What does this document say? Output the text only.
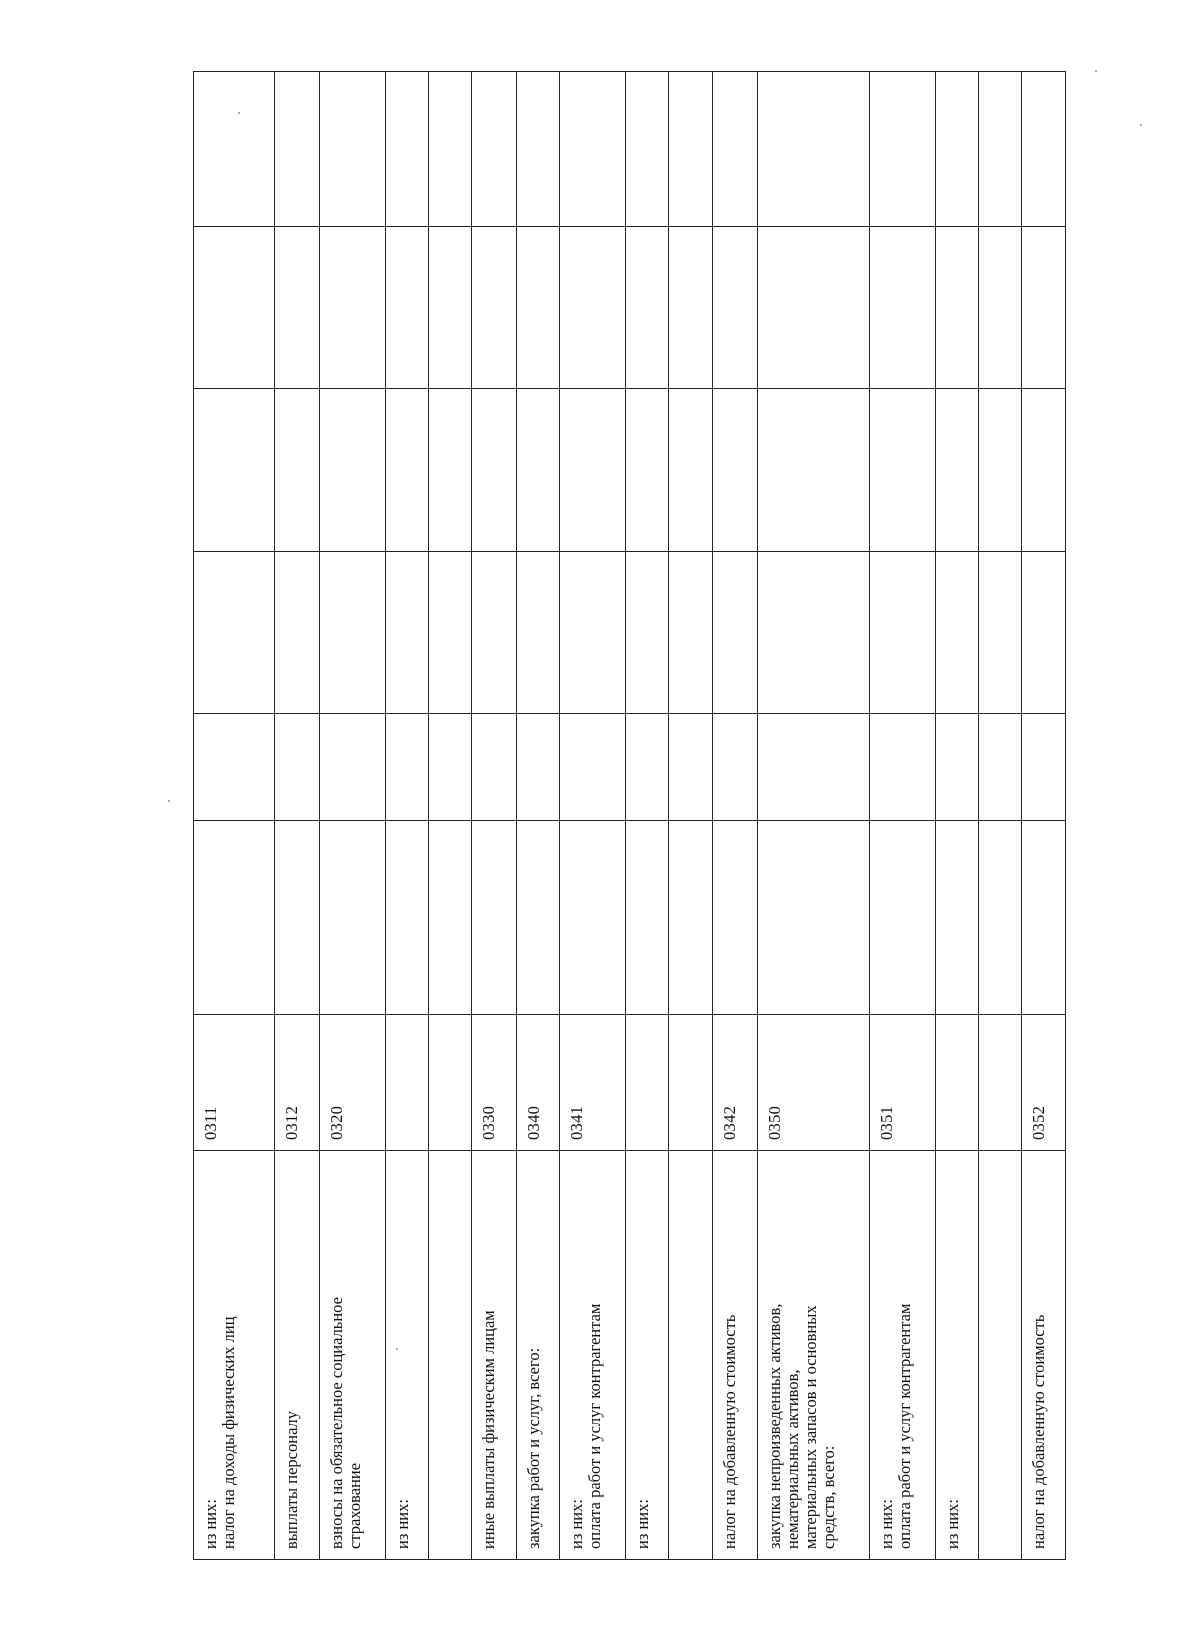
из них:
налог на доходы физических лиц	0311						
выплаты персоналу	0312						
взносы на обязательное социальное
страхование	0320						
из них:							

иные выплаты физическим лицам	0330						
закупка работ и услуг, всего:	0340						
из них:
оплата работ и услуг контрагентам	0341						
из них:							

налог на добавленную стоимость	0342						
закупка непроизведенных активов,
нематериальных активов,
материальных запасов и основных
средств, всего:	0350						
из них:
оплата работ и услуг контрагентам	0351						
из них:							

налог на добавленную стоимость	0352						
